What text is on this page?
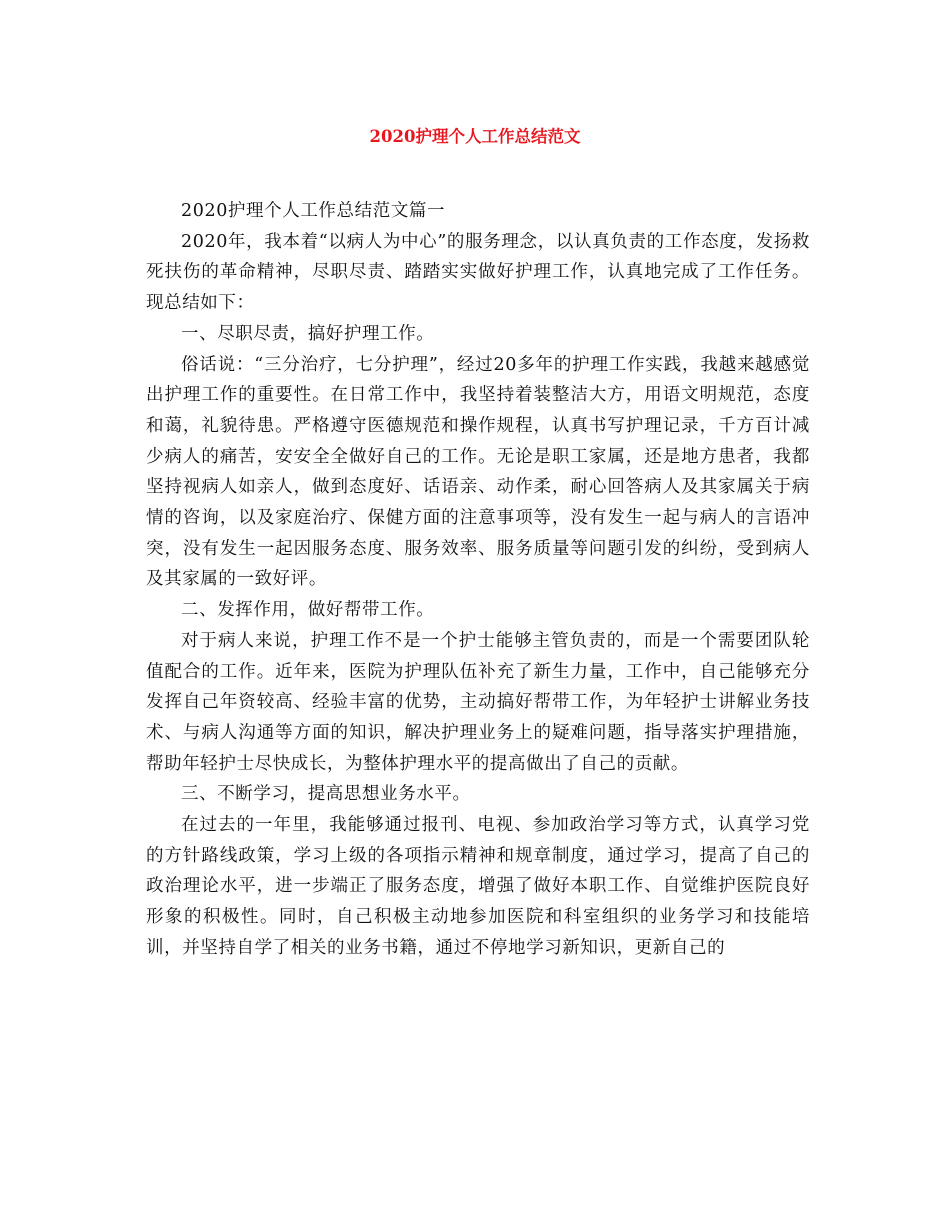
2020护理个人工作总结范文

2020护理个人工作总结范文篇一

2020年，我本着“以病人为中心”的服务理念，以认真负责的工作态度，发扬救死扶伤的革命精神，尽职尽责、踏踏实实做好护理工作，认真地完成了工作任务。现总结如下：

一、尽职尽责，搞好护理工作。

俗话说：“三分治疗，七分护理”，经过20多年的护理工作实践，我越来越感觉出护理工作的重要性。在日常工作中，我坚持着装整洁大方，用语文明规范，态度和蔼，礼貌待患。严格遵守医德规范和操作规程，认真书写护理记录，千方百计减少病人的痛苦，安安全全做好自己的工作。无论是职工家属，还是地方患者，我都坚持视病人如亲人，做到态度好、话语亲、动作柔，耐心回答病人及其家属关于病情的咨询，以及家庭治疗、保健方面的注意事项等，没有发生一起与病人的言语冲突，没有发生一起因服务态度、服务效率、服务质量等问题引发的纠纷，受到病人及其家属的一致好评。

二、发挥作用，做好帮带工作。

对于病人来说，护理工作不是一个护士能够主管负责的，而是一个需要团队轮值配合的工作。近年来，医院为护理队伍补充了新生力量，工作中，自己能够充分发挥自己年资较高、经验丰富的优势，主动搞好帮带工作，为年轻护士讲解业务技术、与病人沟通等方面的知识，解决护理业务上的疑难问题，指导落实护理措施，帮助年轻护士尽快成长，为整体护理水平的提高做出了自己的贡献。

三、不断学习，提高思想业务水平。

在过去的一年里，我能够通过报刊、电视、参加政治学习等方式，认真学习党的方针路线政策，学习上级的各项指示精神和规章制度，通过学习，提高了自己的政治理论水平，进一步端正了服务态度，增强了做好本职工作、自觉维护医院良好形象的积极性。同时，自己积极主动地参加医院和科室组织的业务学习和技能培训，并坚持自学了相关的业务书籍，通过不停地学习新知识，更新自己的
